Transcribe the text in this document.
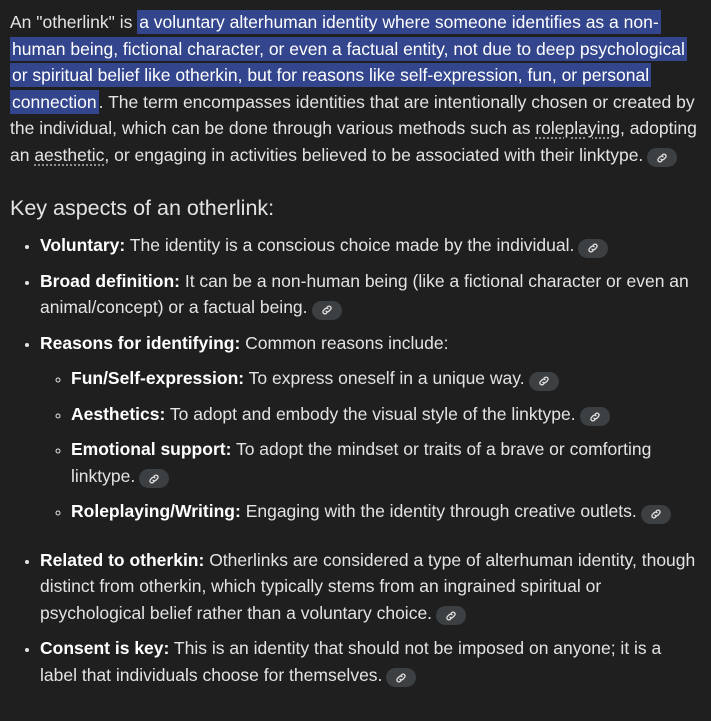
An "otherlink" is a voluntary alterhuman identity where someone identifies as a non-human being, fictional character, or even a factual entity, not due to deep psychological or spiritual belief like otherkin, but for reasons like self-expression, fun, or personal connection . The term encompasses identities that are intentionally chosen or created by the individual, which can be done through various methods such as roleplaying, adopting an aesthetic, or engaging in activities believed to be associated with their linktype.

Key aspects of an otherlink:
• Voluntary: The identity is a conscious choice made by the individual.
• Broad definition: It can be a non-human being (like a fictional character or even an animal/concept) or a factual being.
• Reasons for identifying: Common reasons include:
◦ Fun/Self-expression: To express oneself in a unique way.
◦ Aesthetics: To adopt and embody the visual style of the linktype.
◦ Emotional support: To adopt the mindset or traits of a brave or comforting linktype.
◦ Roleplaying/Writing: Engaging with the identity through creative outlets.
• Related to otherkin: Otherlinks are considered a type of alterhuman identity, though distinct from otherkin, which typically stems from an ingrained spiritual or psychological belief rather than a voluntary choice.
• Consent is key: This is an identity that should not be imposed on anyone; it is a label that individuals choose for themselves.
